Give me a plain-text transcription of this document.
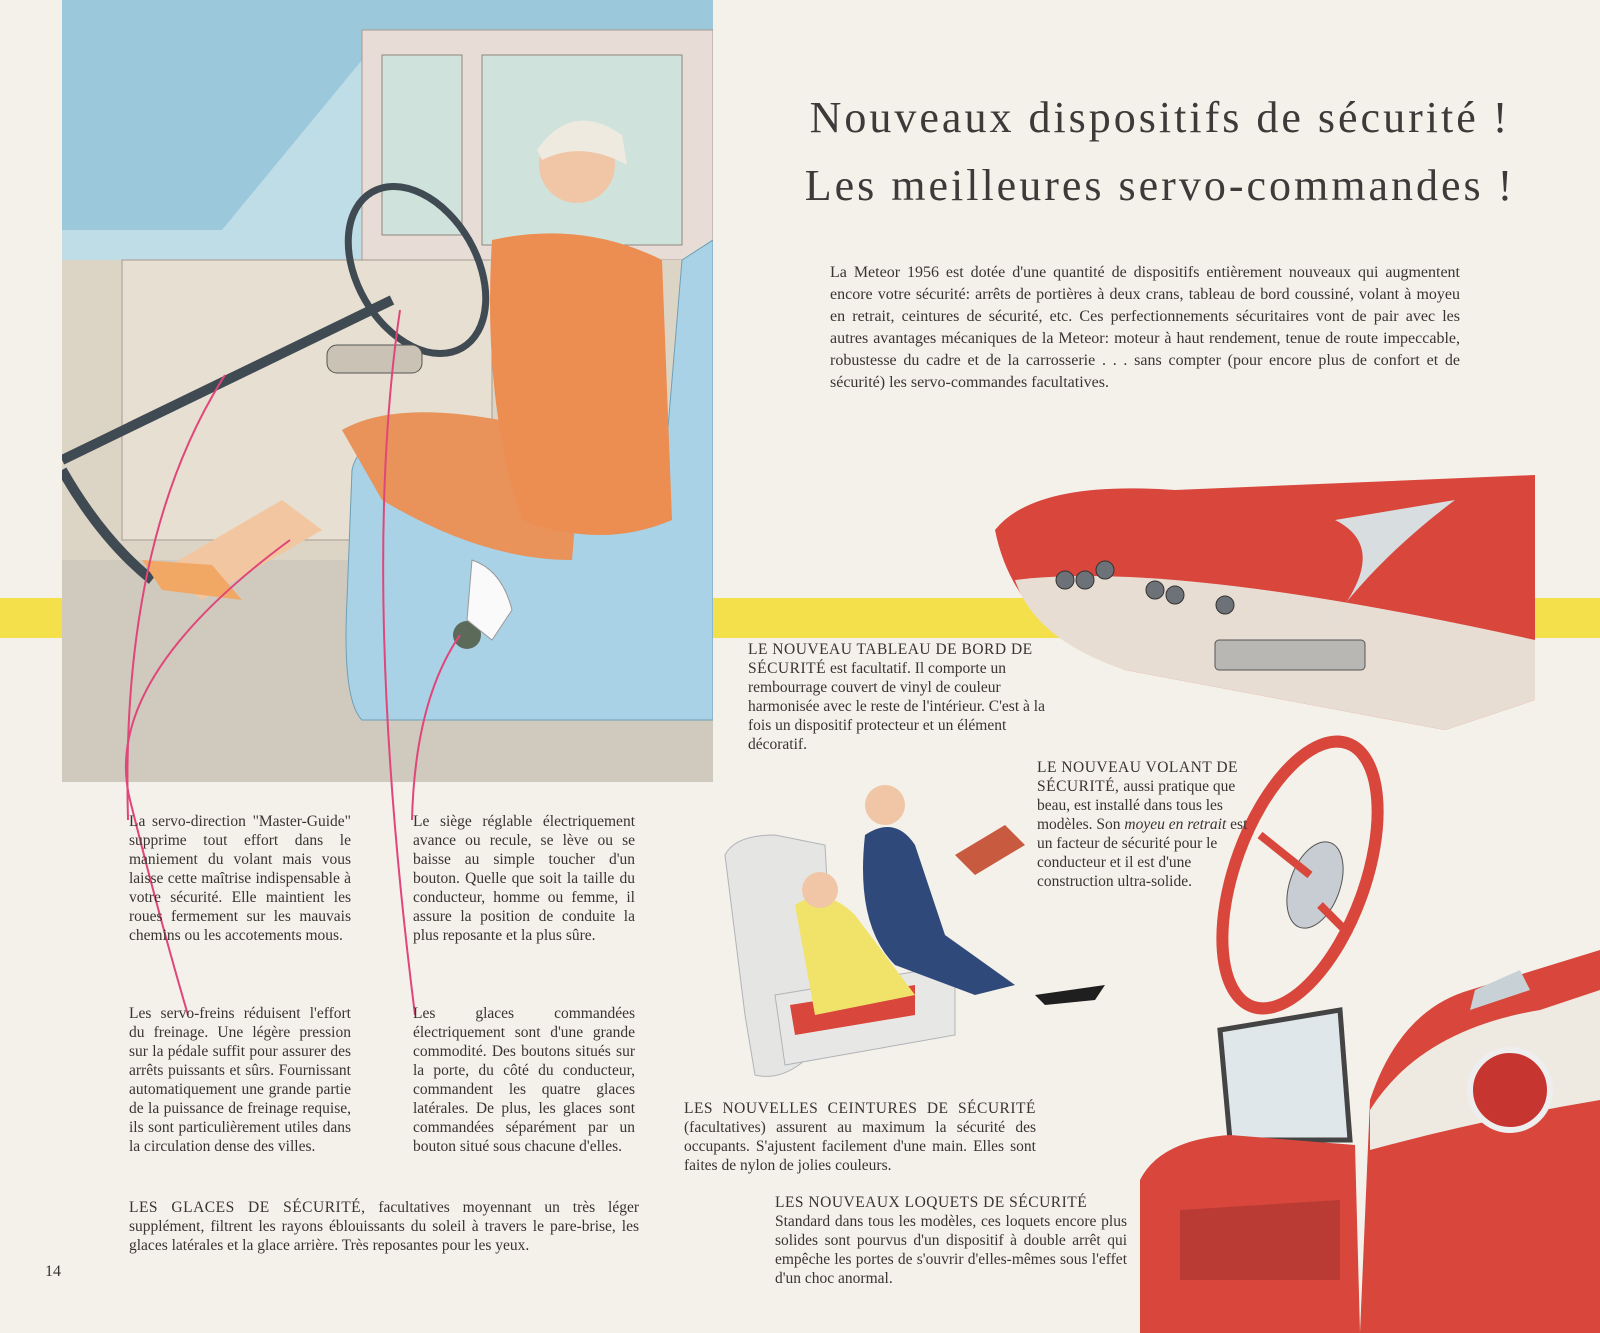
Nouveaux dispositifs de sécurité !
Les meilleures servo-commandes !
La Meteor 1956 est dotée d'une quantité de dispositifs entièrement nouveaux qui augmentent encore votre sécurité: arrêts de portières à deux crans, tableau de bord coussiné, volant à moyeu en retrait, ceintures de sécurité, etc. Ces perfectionnements sécuritaires vont de pair avec les autres avantages mécaniques de la Meteor: moteur à haut rendement, tenue de route impeccable, robustesse du cadre et de la carrosserie . . . sans compter (pour encore plus de confort et de sécurité) les servo-commandes facultatives.
La servo-direction "Master-Guide" supprime tout effort dans le maniement du volant mais vous laisse cette maîtrise indispensable à votre sécurité. Elle maintient les roues fermement sur les mauvais chemins ou les accotements mous.
Le siège réglable électriquement avance ou recule, se lève ou se baisse au simple toucher d'un bouton. Quelle que soit la taille du conducteur, homme ou femme, il assure la position de conduite la plus reposante et la plus sûre.
Les servo-freins réduisent l'effort du freinage. Une légère pression sur la pédale suffit pour assurer des arrêts puissants et sûrs. Fournissant automatiquement une grande partie de la puissance de freinage requise, ils sont particulièrement utiles dans la circulation dense des villes.
Les glaces commandées électriquement sont d'une grande commodité. Des boutons situés sur la porte, du côté du conducteur, commandent les quatre glaces latérales. De plus, les glaces sont commandées séparément par un bouton situé sous chacune d'elles.
LES GLACES DE SÉCURITÉ, facultatives moyennant un très léger supplément, filtrent les rayons éblouissants du soleil à travers le pare-brise, les glaces latérales et la glace arrière. Très reposantes pour les yeux.
LE NOUVEAU TABLEAU DE BORD DE SÉCURITÉ est facultatif. Il comporte un rembourrage couvert de vinyl de couleur harmonisée avec le reste de l'intérieur. C'est à la fois un dispositif protecteur et un élément décoratif.
LE NOUVEAU VOLANT DE SÉCURITÉ, aussi pratique que beau, est installé dans tous les modèles. Son moyeu en retrait est un facteur de sécurité pour le conducteur et il est d'une construction ultra-solide.
LES NOUVELLES CEINTURES DE SÉCURITÉ (facultatives) assurent au maximum la sécurité des occupants. S'ajustent facilement d'une main. Elles sont faites de nylon de jolies couleurs.
LES NOUVEAUX LOQUETS DE SÉCURITÉ
Standard dans tous les modèles, ces loquets encore plus solides sont pourvus d'un dispositif à double arrêt qui empêche les portes de s'ouvrir d'elles-mêmes sous l'effet d'un choc anormal.
14
